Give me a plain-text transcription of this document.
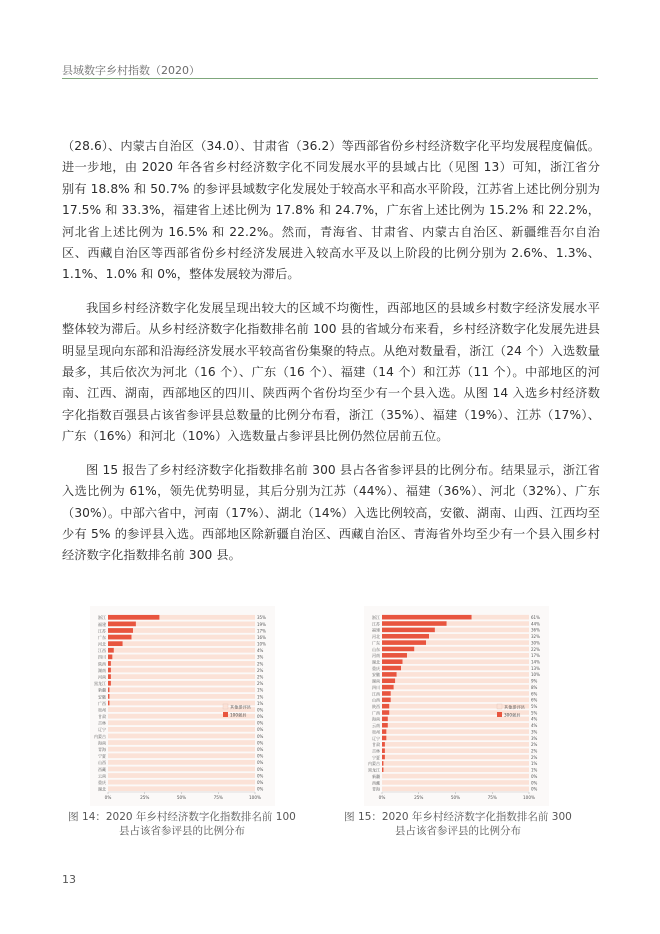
县域数字乡村指数（2020）

（28.6）、内蒙古自治区（34.0）、甘肃省（36.2）等西部省份乡村经济数字化平均发展程度偏低。进一步地，由 2020 年各省乡村经济数字化不同发展水平的县域占比（见图 13）可知，浙江省分别有 18.8% 和 50.7% 的参评县域数字化发展处于较高水平和高水平阶段，江苏省上述比例分别为 17.5% 和 33.3%，福建省上述比例为 17.8% 和 24.7%，广东省上述比例为 15.2% 和 22.2%，河北省上述比例为 16.5% 和 22.2%。然而，青海省、甘肃省、内蒙古自治区、新疆维吾尔自治区、西藏自治区等西部省份乡村经济发展进入较高水平及以上阶段的比例分别为 2.6%、1.3%、1.1%、1.0% 和 0%，整体发展较为滞后。

我国乡村经济数字化发展呈现出较大的区域不均衡性，西部地区的县域乡村数字经济发展水平整体较为滞后。从乡村经济数字化指数排名前 100 县的省域分布来看，乡村经济数字化发展先进县明显呈现向东部和沿海经济发展水平较高省份集聚的特点。从绝对数量看，浙江（24 个）入选数量最多，其后依次为河北（16 个）、广东（16 个）、福建（14 个）和江苏（11 个）。中部地区的河南、江西、湖南，西部地区的四川、陕西两个省份均至少有一个县入选。从图 14 入选乡村经济数字化指数百强县占该省参评县总数量的比例分布看，浙江（35%）、福建（19%）、江苏（17%）、广东（16%）和河北（10%）入选数量占参评县比例仍然位居前五位。

图 15 报告了乡村经济数字化指数排名前 300 县占各省参评县的比例分布。结果显示，浙江省入选比例为 61%，领先优势明显，其后分别为江苏（44%）、福建（36%）、河北（32%）、广东（30%）。中部六省中，河南（17%）、湖北（14%）入选比例较高，安徽、湖南、山西、江西均至少有 5% 的参评县入选。西部地区除新疆自治区、西藏自治区、青海省外均至少有一个县入围乡村经济数字化指数排名前 300 县。

浙江	35%
福建	19%
江苏	17%
广东	16%
河北	10%
江西	4%
四川	3%
陕西	2%
湖南	2%
河南	2%
黑龙江	2%
新疆	1%
安徽	1%
广西	1%
贵州	0%
甘肃	0%
吉林	0%
辽宁	0%
内蒙古	0%
海南	0%
青海	0%
宁夏	0%
山西	0%
西藏	0%
云南	0%
重庆	0%
湖北	0%
0%	25%	50%	75%	100%
其他参评县
100强县
浙江	61%
江苏	44%
福建	36%
河北	32%
广东	30%
山东	22%
河南	17%
湖北	14%
重庆	13%
安徽	10%
湖南	9%
四川	8%
江西	6%
山西	6%
陕西	5%
广西	5%
海南	4%
云南	4%
贵州	3%
辽宁	3%
甘肃	2%
吉林	2%
宁夏	2%
内蒙古	1%
黑龙江	1%
新疆	0%
西藏	0%
青海	0%
0%	25%	50%	75%	100%
其他参评县
300强县
图 14：2020 年乡村经济数字化指数排名前 100 县占该省参评县的比例分布
图 15：2020 年乡村经济数字化指数排名前 300 县占该省参评县的比例分布
13
